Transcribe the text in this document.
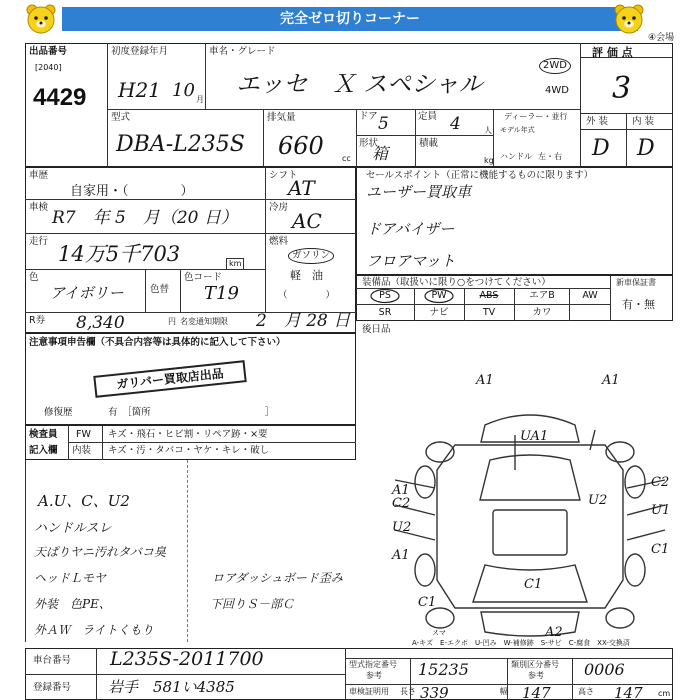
完全ゼロ切りコーナー
④会場
出品番号
[2040]
4429
初度登録年月
H21 10 月
車名・グレード
エッセ　Ｘ スペシャル
2WD
4WD
評 価 点
3
外 装	内 装
D D
型式
DBA-L235S
排気量
660 cc
ドア 5	定員 4	人
ディーラー・並行
モデル年式
ハンドル 左・右
形状
箱
積載
kg
車歴
自家用・（　　　　）
シフト
AT
車検
R7　年 5　月（20 日）
冷房
AC
走行
14万5千703	km
燃料
ガソリン
軽　油
（　　　　）
色
アイボリー	色替
色コード
T19
R券 8,340	円 名変通知期限 2　月 28 日
セールスポイント（正常に機能するものに限ります）
ユーザー買取車
ドアバイザー
フロアマット
装備品（取扱いに限り○をつけてください）
PS	PW	ABS	エアB	AW
SR	ナビ	TV	カワ
新車保証書
有・無
後日品
注意事項申告欄（不具合内容等は具体的に記入して下さい）
ガリバー買取店出品
修復歴	有　［箇所　　　　　　　　　　　　］
検査員
記入欄
FW キズ・飛石・ヒビ割・リペア跡・×要
内装 キズ・汚・タバコ・ヤケ・キレ・破し
A.U、C、U2
ハンドルスレ
天ぱりヤニ汚れタバコ臭
ヘッドＬモヤ
外装　色PE、
外ＡＷ　ライトくもり
ロアダッシュボード歪み
下回りＳ－部Ｃ
A1	A1
UA1
A1
C2
U2
A1
C1
A2
C2
U1
U2
C1
C1
スマ
A-キズ　E-エクボ　U-凹み　W-補修跡　S-サビ　C-腐食　XX-交換済
車台番号 L235S-2011700
登録番号 岩手　581い4385
型式指定番号
参考 15235	類別区分番号
参考	0006
車検証明用 長さ 339	幅 147	高さ 147 cm
